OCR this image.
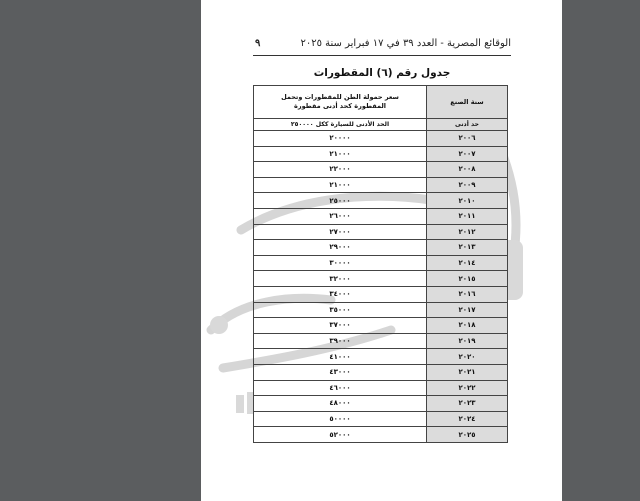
الوقائع المصرية - العدد ٣٩ في ١٧ فبراير سنة ٢٠٢٥
٩
جدول رقم (٦) المقطورات
سنة الصنع	سعر حمولة الطن للمقطورات وتحمل
المقطورة كحد أدنى مقطورة

حد أدنى	الحد الأدنى للسيارة ككل ٢٥٠٠٠٠
٢٠٠٦	٢٠٠٠٠
٢٠٠٧	٢١٠٠٠
٢٠٠٨	٢٢٠٠٠
٢٠٠٩	٢١٠٠٠
٢٠١٠	٢٥٠٠٠
٢٠١١	٢٦٠٠٠
٢٠١٢	٢٧٠٠٠
٢٠١٣	٢٩٠٠٠
٢٠١٤	٣٠٠٠٠
٢٠١٥	٣٢٠٠٠
٢٠١٦	٣٤٠٠٠
٢٠١٧	٣٥٠٠٠
٢٠١٨	٣٧٠٠٠
٢٠١٩	٣٩٠٠٠
٢٠٢٠	٤١٠٠٠
٢٠٢١	٤٣٠٠٠
٢٠٢٢	٤٦٠٠٠
٢٠٢٣	٤٨٠٠٠
٢٠٢٤	٥٠٠٠٠
٢٠٢٥	٥٢٠٠٠
